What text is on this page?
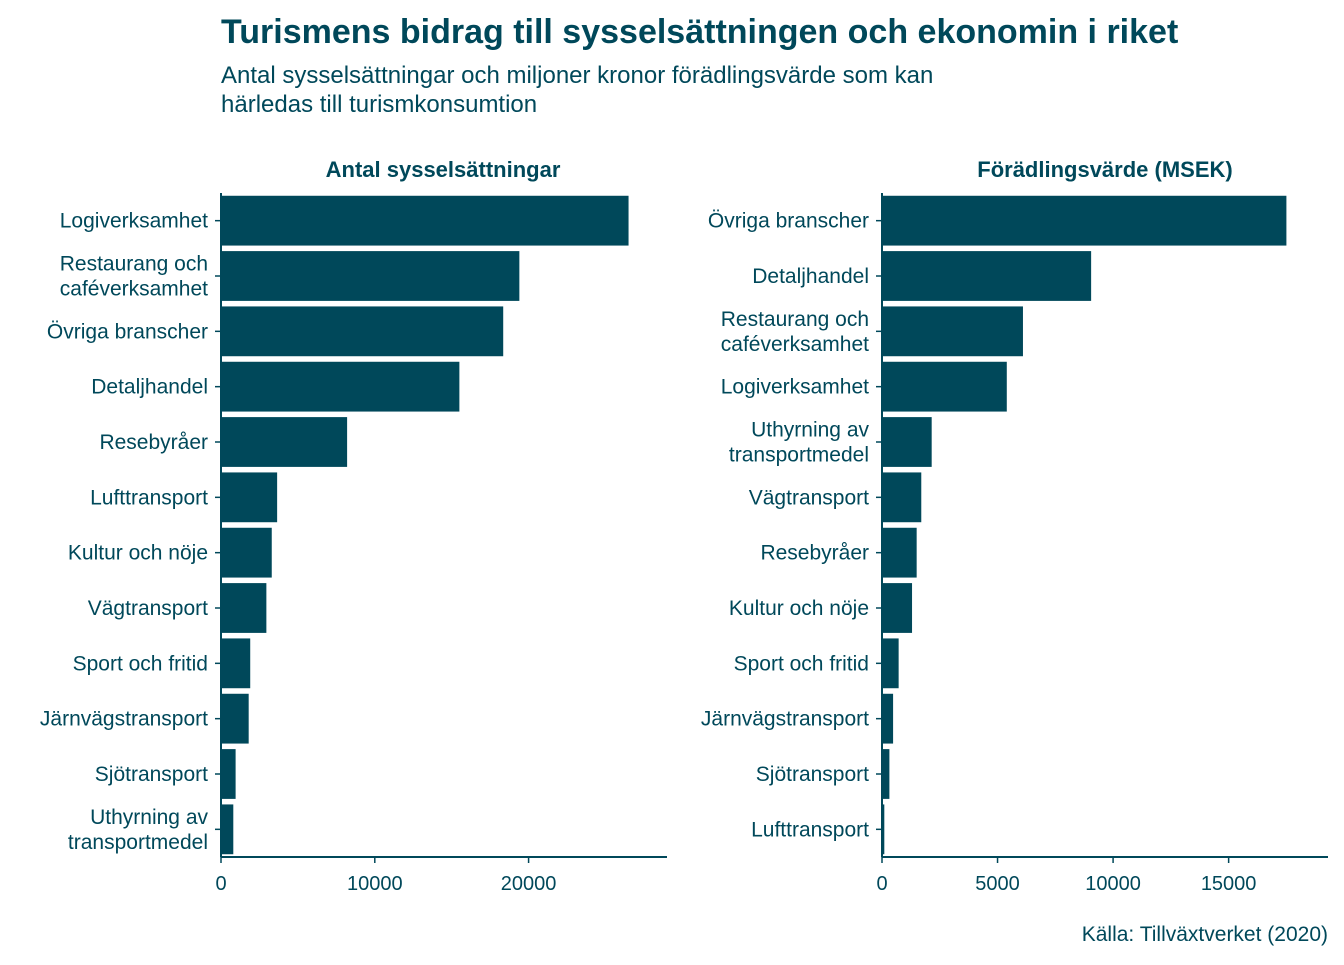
Turismens bidrag till sysselsättningen och ekonomin i riket
Antal sysselsättningar och miljoner kronor förädlingsvärde som kan
härledas till turismkonsumtion
Antal sysselsättningar
Logiverksamhet
Restaurang och
caféverksamhet
Övriga branscher
Detaljhandel
Resebyråer
Lufttransport
Kultur och nöje
Vägtransport
Sport och fritid
Järnvägstransport
Sjötransport
Uthyrning av
transportmedel
0	10000	20000
Förädlingsvärde (MSEK)
Övriga branscher
Detaljhandel
Restaurang och
caféverksamhet
Logiverksamhet
Uthyrning av
transportmedel
Vägtransport
Resebyråer
Kultur och nöje
Sport och fritid
Järnvägstransport
Sjötransport
Lufttransport
0	5000	10000	15000
Källa: Tillväxtverket (2020)
